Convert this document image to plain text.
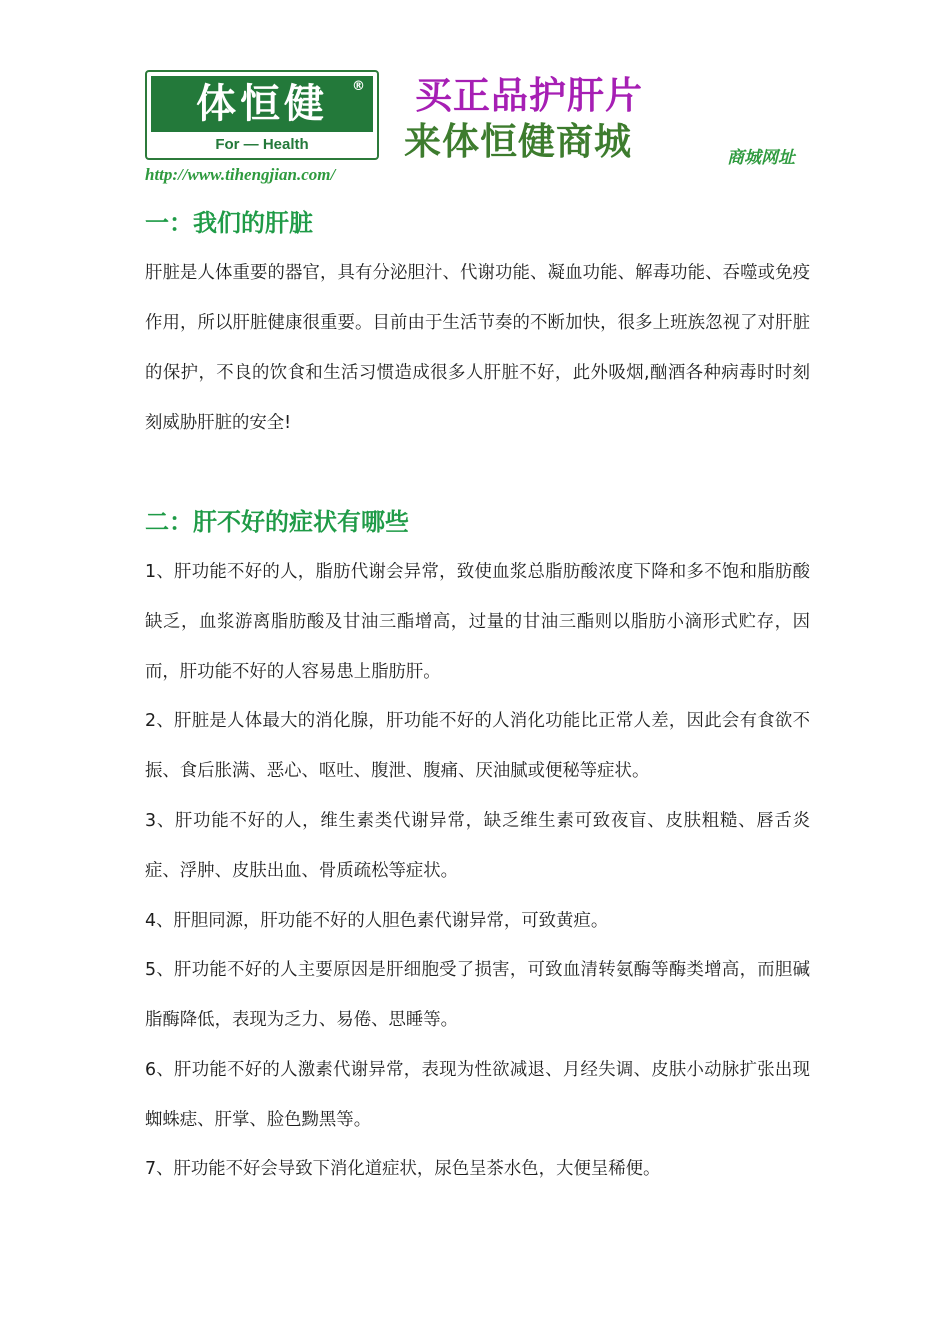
体恒健 ®
For — Health
买正品护肝片
来体恒健商城	商城网址
http://www.tihengjian.com/
一：我们的肝脏

肝脏是人体重要的器官，具有分泌胆汁、代谢功能、凝血功能、解毒功能、吞噬或免疫作用，所以肝脏健康很重要。目前由于生活节奏的不断加快，很多上班族忽视了对肝脏的保护，不良的饮食和生活习惯造成很多人肝脏不好，此外吸烟,酗酒各种病毒时时刻刻威胁肝脏的安全!

二：肝不好的症状有哪些

1、肝功能不好的人，脂肪代谢会异常，致使血浆总脂肪酸浓度下降和多不饱和脂肪酸缺乏，血浆游离脂肪酸及甘油三酯增高，过量的甘油三酯则以脂肪小滴形式贮存，因而，肝功能不好的人容易患上脂肪肝。

2、肝脏是人体最大的消化腺，肝功能不好的人消化功能比正常人差，因此会有食欲不振、食后胀满、恶心、呕吐、腹泄、腹痛、厌油腻或便秘等症状。

3、肝功能不好的人，维生素类代谢异常，缺乏维生素可致夜盲、皮肤粗糙、唇舌炎症、浮肿、皮肤出血、骨质疏松等症状。

4、肝胆同源，肝功能不好的人胆色素代谢异常，可致黄疸。

5、肝功能不好的人主要原因是肝细胞受了损害，可致血清转氨酶等酶类增高，而胆碱脂酶降低，表现为乏力、易倦、思睡等。

6、肝功能不好的人激素代谢异常，表现为性欲减退、月经失调、皮肤小动脉扩张出现蜘蛛痣、肝掌、脸色黝黑等。

7、肝功能不好会导致下消化道症状，尿色呈茶水色，大便呈稀便。
